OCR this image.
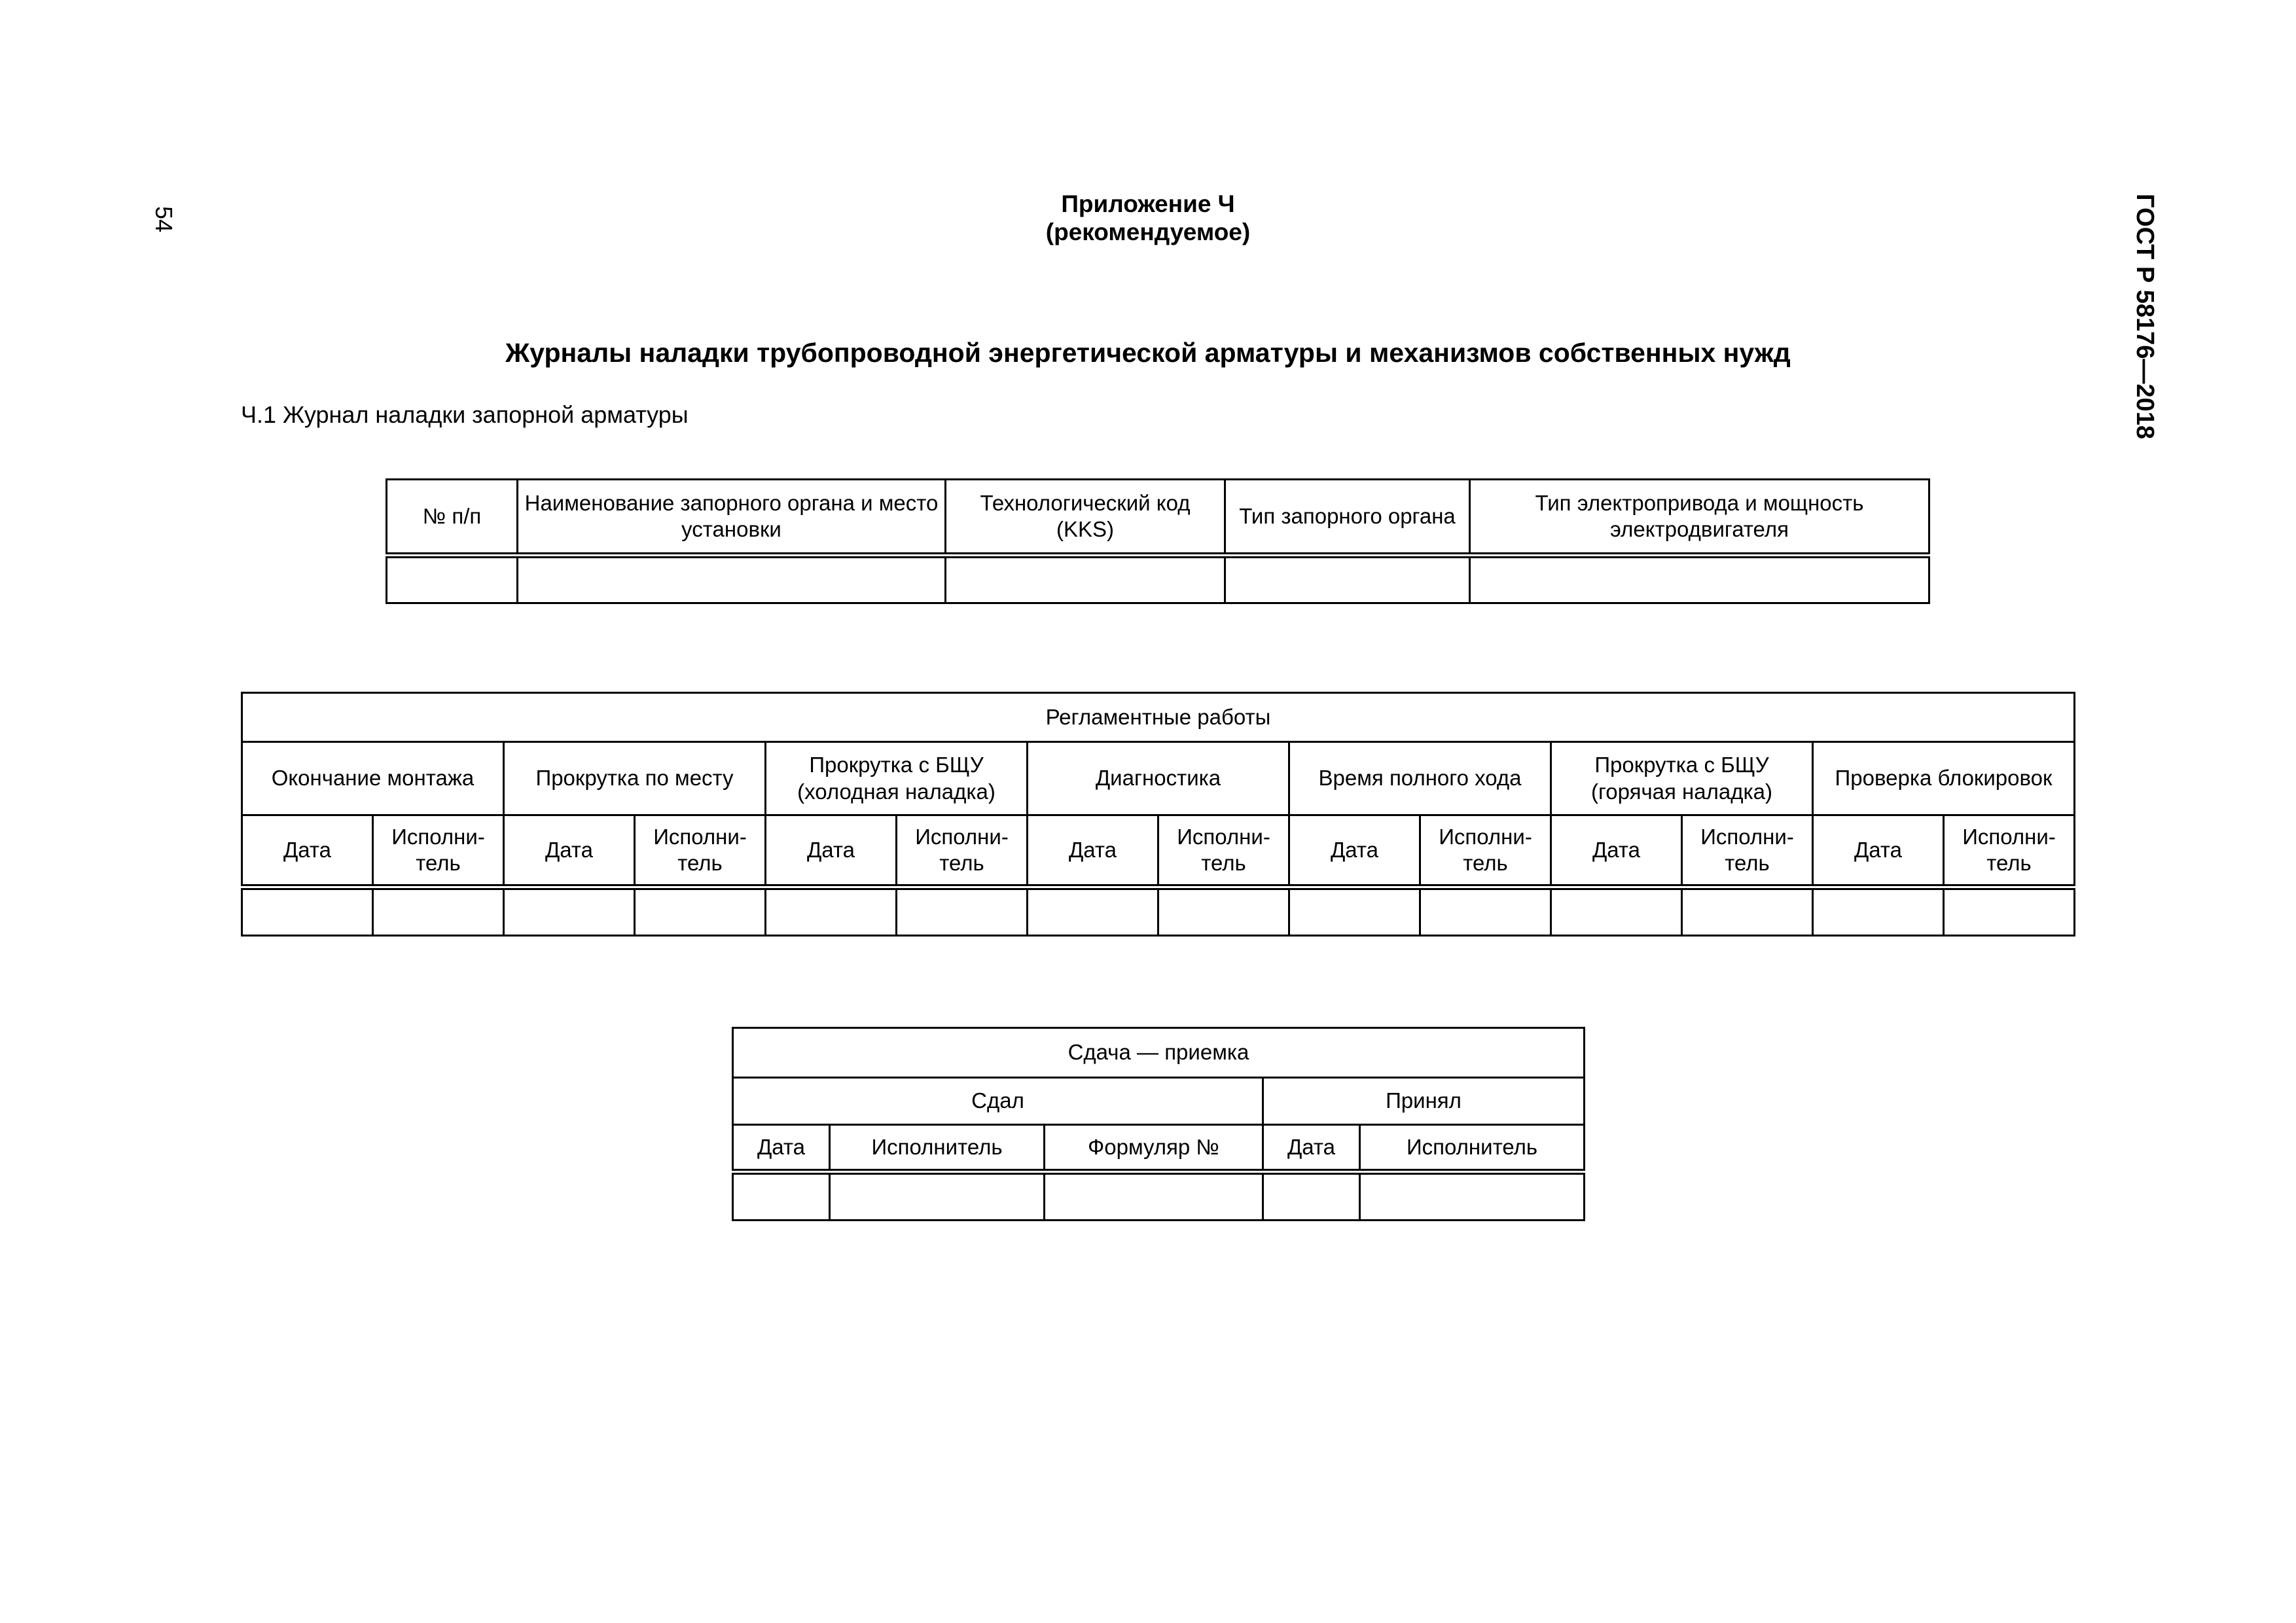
54	ГОСТ Р 58176—2018
Приложение Ч
(рекомендуемое)
Журналы наладки трубопроводной энергетической арматуры и механизмов собственных нужд
Ч.1 Журнал наладки запорной арматуры
№ п/п	Наименование запорного органа и место установки	Технологический код (KKS)	Тип запорного органа	Тип электропривода и мощность электродвигателя

Регламентные работы													
Окончание монтажа		Прокрутка по месту		Прокрутка с БЩУ (холодная наладка)		Диагностика		Время полного хода		Прокрутка с БЩУ (горячая наладка)		Проверка блокировок	
Дата	Исполни-тель	Дата	Исполни-тель	Дата	Исполни-тель	Дата	Исполни-тель	Дата	Исполни-тель	Дата	Исполни-тель	Дата	Исполни-тель

Сдача — приемка				
Сдал			Принял	
Дата	Исполнитель	Формуляр №	Дата	Исполнитель
